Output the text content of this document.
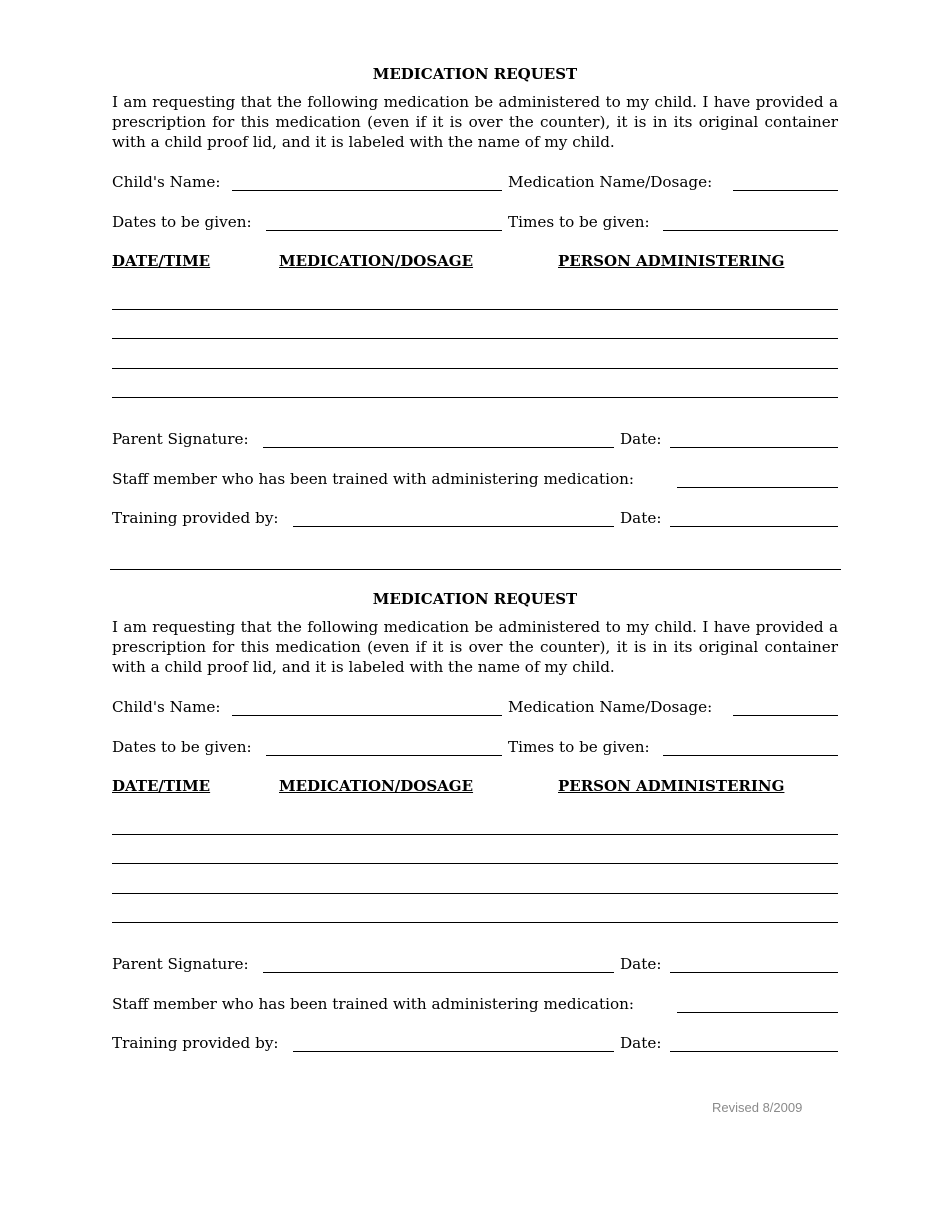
MEDICATION REQUEST

I am requesting that the following medication be administered to my child. I have provided a prescription for this medication (even if it is over the counter), it is in its original container with a child proof lid, and it is labeled with the name of my child.

Child's Name:	Medication Name/Dosage:
Dates to be given:	Times to be given:
DATE/TIME	MEDICATION/DOSAGE	PERSON ADMINISTERING
Parent Signature:	Date:
Staff member who has been trained with administering medication:
Training provided by:	Date:
MEDICATION REQUEST

I am requesting that the following medication be administered to my child. I have provided a prescription for this medication (even if it is over the counter), it is in its original container with a child proof lid, and it is labeled with the name of my child.

Child's Name:	Medication Name/Dosage:
Dates to be given:	Times to be given:
DATE/TIME	MEDICATION/DOSAGE	PERSON ADMINISTERING
Parent Signature:	Date:
Staff member who has been trained with administering medication:
Training provided by:	Date:
Revised 8/2009
